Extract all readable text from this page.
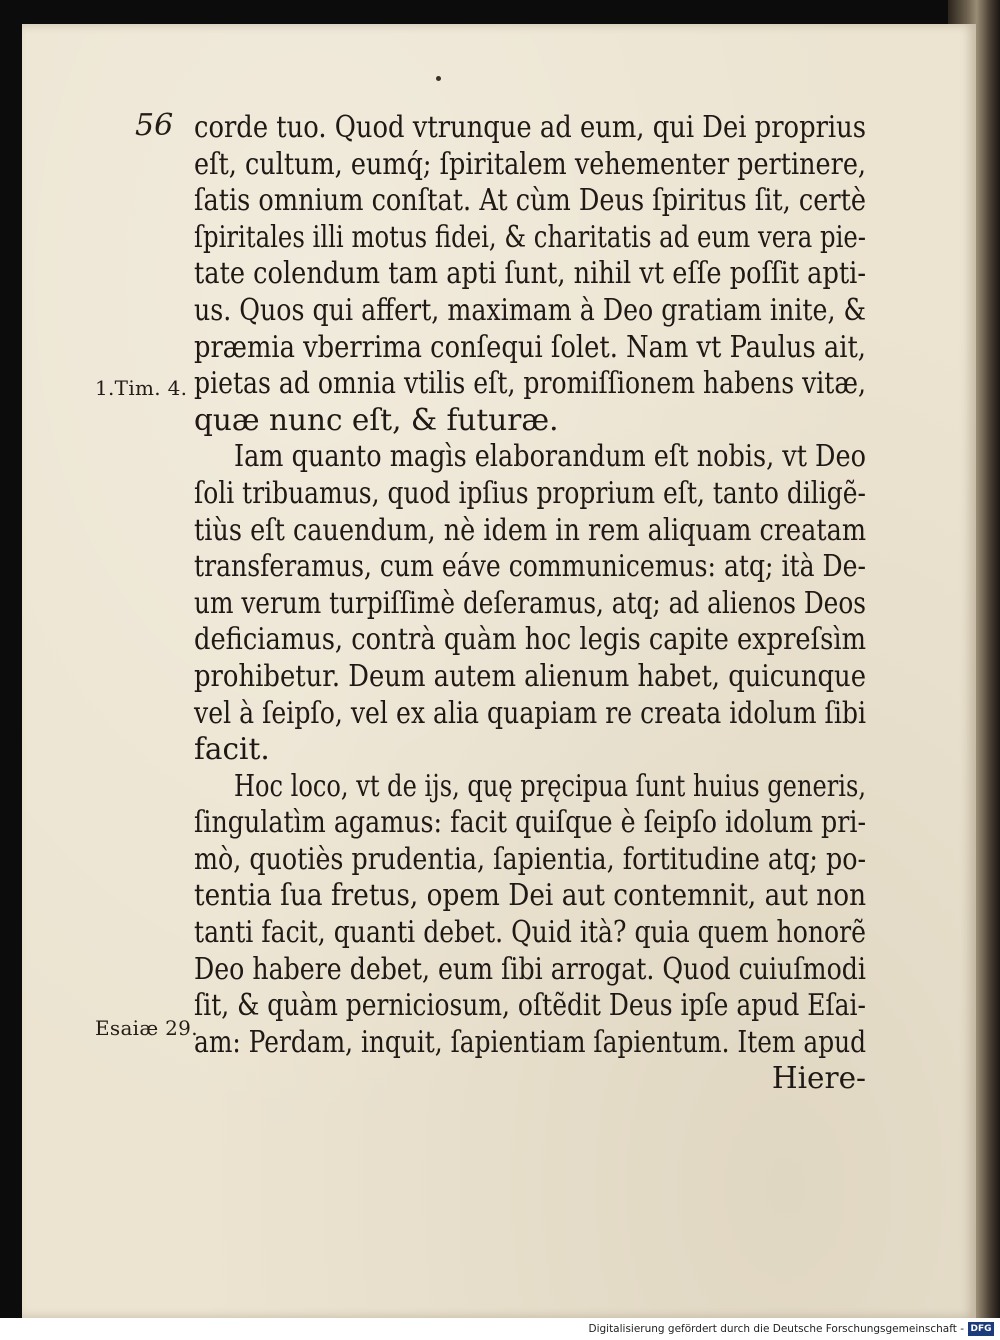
56
1.Tim. 4.
Esaiæ 29.
corde tuo. Quod vtrunque ad eum, qui Dei proprius
eſt, cultum, eumq́; ſpiritalem vehementer pertinere,
ſatis omnium conſtat. At cùm Deus ſpiritus ſit, certè
ſpiritales illi motus fidei, & charitatis ad eum vera pie-
tate colendum tam apti ſunt, nihil vt eſſe poſſit apti-
us. Quos qui affert, maximam à Deo gratiam inite, &
præmia vberrima conſequi ſolet. Nam vt Paulus ait,
pietas ad omnia vtilis eſt, promiſſionem habens vitæ,
quæ nunc eſt, & futuræ.
Iam quanto magìs elaborandum eſt nobis, vt Deo
ſoli tribuamus, quod ipſius proprium eſt, tanto diligẽ-
tiùs eſt cauendum, nè idem in rem aliquam creatam
transferamus, cum eáve communicemus: atq; ità De-
um verum turpiſſimè deſeramus, atq; ad alienos Deos
deficiamus, contrà quàm hoc legis capite expreſsìm
prohibetur. Deum autem alienum habet, quicunque
vel à ſeipſo, vel ex alia quapiam re creata idolum ſibi
facit.
Hoc loco, vt de ijs, quę pręcipua ſunt huius generis,
ſingulatìm agamus: facit quiſque è ſeipſo idolum pri-
mò, quotiès prudentia, ſapientia, fortitudine atq; po-
tentia ſua fretus, opem Dei aut contemnit, aut non
tanti facit, quanti debet. Quid ità? quia quem honorẽ
Deo habere debet, eum ſibi arrogat. Quod cuiuſmodi
ſit, & quàm perniciosum, oſtẽdit Deus ipſe apud Eſai-
am: Perdam, inquit, ſapientiam ſapientum. Item apud
Hiere-
Digitalisierung gefördert durch die Deutsche Forschungsgemeinschaft - DFG
